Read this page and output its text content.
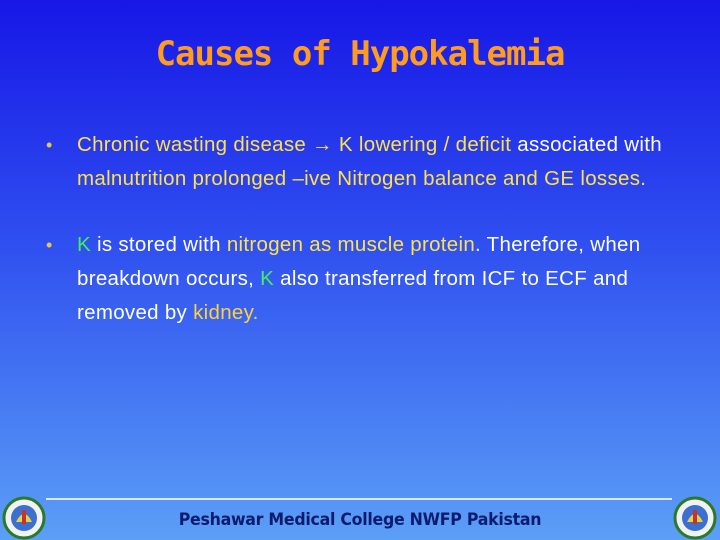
Causes of Hypokalemia
• Chronic wasting disease → K lowering / deficit associated with malnutrition prolonged –ive Nitrogen balance and GE losses.
• K is stored with nitrogen as muscle protein. Therefore, when breakdown occurs, K also transferred from ICF to ECF and removed by kidney.
Peshawar Medical College NWFP Pakistan
